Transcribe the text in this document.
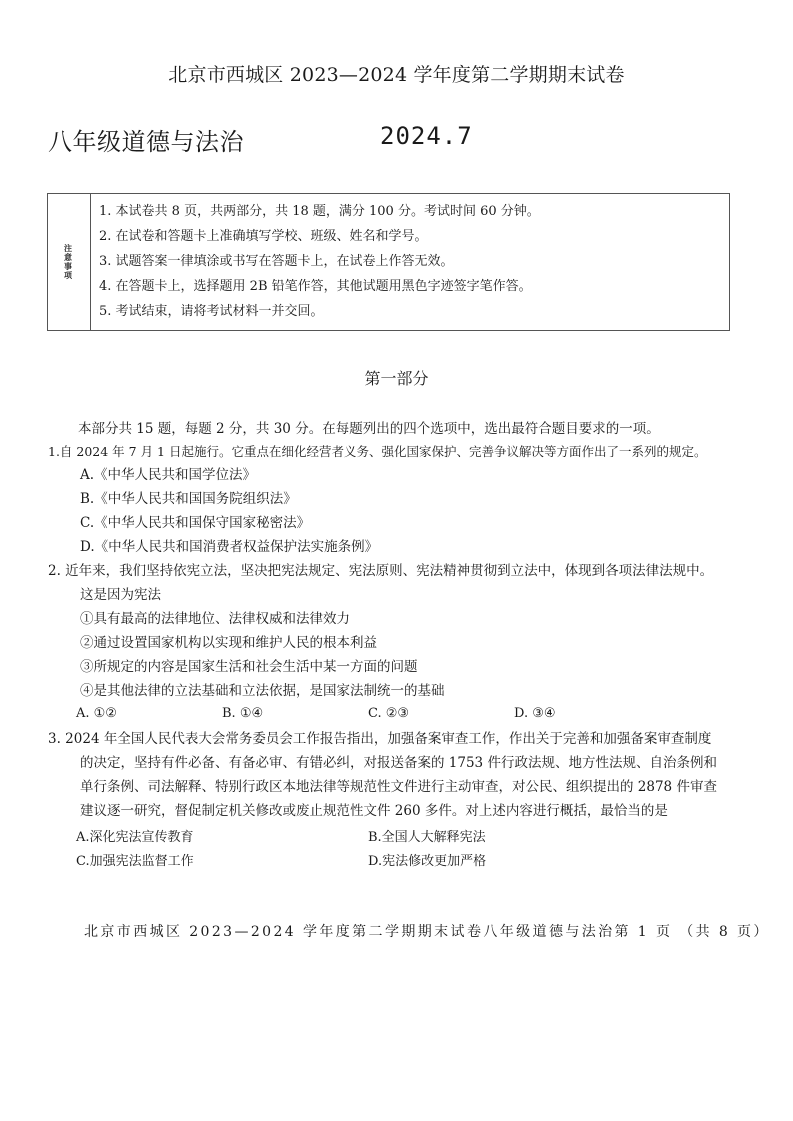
北京市西城区 2023—2024 学年度第二学期期末试卷
八年级道德与法治	2024.7
注意事项
1. 本试卷共 8 页，共两部分，共 18 题，满分 100 分。考试时间 60 分钟。
2. 在试卷和答题卡上准确填写学校、班级、姓名和学号。
3. 试题答案一律填涂或书写在答题卡上，在试卷上作答无效。
4. 在答题卡上，选择题用 2B 铅笔作答，其他试题用黑色字迹签字笔作答。
5. 考试结束，请将考试材料一并交回。
第一部分
本部分共 15 题，每题 2 分，共 30 分。在每题列出的四个选项中，选出最符合题目要求的一项。
1.自 2024 年 7 月 1 日起施行。它重点在细化经营者义务、强化国家保护、完善争议解决等方面作出了一系列的规定。
A.《中华人民共和国学位法》
B.《中华人民共和国国务院组织法》
C.《中华人民共和国保守国家秘密法》
D.《中华人民共和国消费者权益保护法实施条例》
2. 近年来，我们坚持依宪立法，坚决把宪法规定、宪法原则、宪法精神贯彻到立法中，体现到各项法律法规中。
这是因为宪法
①具有最高的法律地位、法律权威和法律效力
②通过设置国家机构以实现和维护人民的根本利益
③所规定的内容是国家生活和社会生活中某一方面的问题
④是其他法律的立法基础和立法依据，是国家法制统一的基础
A. ①②	B. ①④	C. ②③	D. ③④
3. 2024 年全国人民代表大会常务委员会工作报告指出，加强备案审查工作，作出关于完善和加强备案审查制度
的决定，坚持有件必备、有备必审、有错必纠，对报送备案的 1753 件行政法规、地方性法规、自治条例和
单行条例、司法解释、特别行政区本地法律等规范性文件进行主动审查，对公民、组织提出的 2878 件审查
建议逐一研究，督促制定机关修改或废止规范性文件 260 多件。对上述内容进行概括，最恰当的是
A.深化宪法宣传教育	B.全国人大解释宪法
C.加强宪法监督工作	D.宪法修改更加严格
北京市西城区 2023—2024 学年度第二学期期末试卷八年级道德与法治第 1 页 （共 8 页）
